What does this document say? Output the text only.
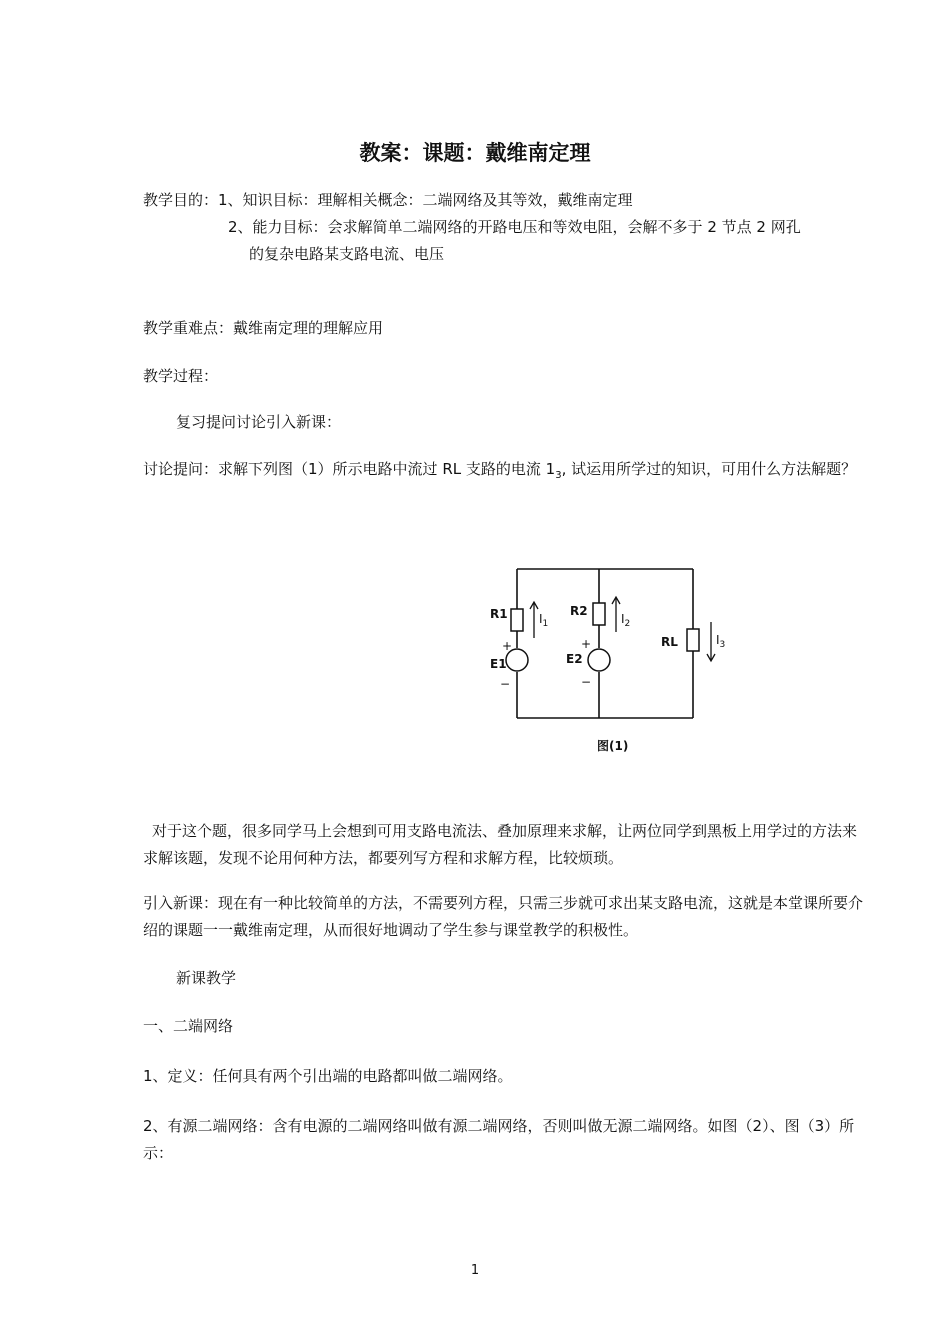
教案：课题：戴维南定理

教学目的：1、知识目标：理解相关概念：二端网络及其等效，戴维南定理

2、能力目标：会求解简单二端网络的开路电压和等效电阻，会解不多于 2 节点 2 网孔

的复杂电路某支路电流、电压

教学重难点：戴维南定理的理解应用

教学过程：

复习提问讨论引入新课：

讨论提问：求解下列图（1）所示电路中流过 RL 支路的电流 $1_3$, 试运用所学过的知识，可用什么方法解题？

R1	R2
RL
E1	E2
+	+
−	−
$I_1$	$I_2$
$I_3$
图(1)

对于这个题，很多同学马上会想到可用支路电流法、叠加原理来求解，让两位同学到黑板上用学过的方法来求解该题，发现不论用何种方法，都要列写方程和求解方程，比较烦琐。

引入新课：现在有一种比较简单的方法，不需要列方程，只需三步就可求出某支路电流，这就是本堂课所要介绍的课题一一戴维南定理，从而很好地调动了学生参与课堂教学的积极性。

新课教学

一、二端网络

1、定义：任何具有两个引出端的电路都叫做二端网络。

2、有源二端网络：含有电源的二端网络叫做有源二端网络，否则叫做无源二端网络。如图（2）、图（3）所示：

1
